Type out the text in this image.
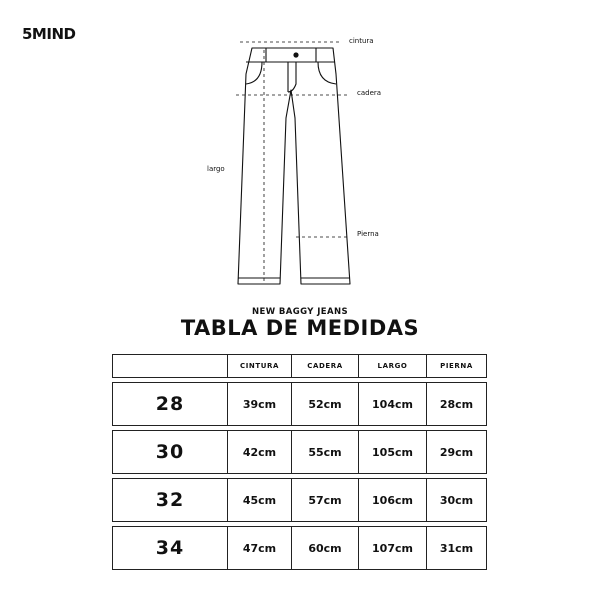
5MIND	cintura
cadera
largo
Pierna
NEW BAGGY JEANS
TABLA DE MEDIDAS
	CINTURA	CADERA	LARGO	PIERNA

28	39cm	52cm	104cm	28cm

30	42cm	55cm	105cm	29cm

32	45cm	57cm	106cm	30cm

34	47cm	60cm	107cm	31cm
